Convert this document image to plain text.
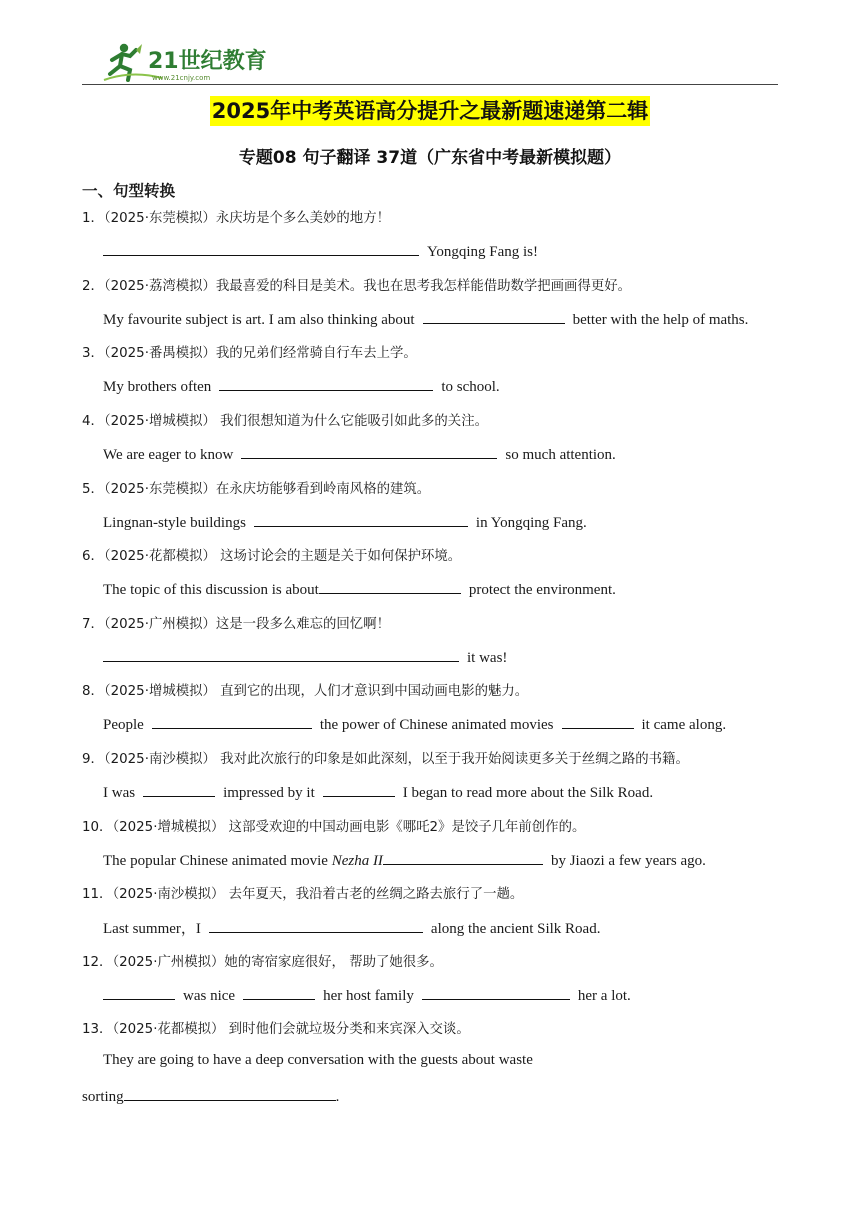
21世纪教育
www.21cnjy.com
2025年中考英语高分提升之最新题速递第二辑
专题08 句子翻译 37道（广东省中考最新模拟题）
一、句型转换
1．（2025·东莞模拟）永庆坊是个多么美妙的地方！
Yongqing Fang is!
2．（2025·荔湾模拟）我最喜爱的科目是美术。我也在思考我怎样能借助数学把画画得更好。
My favourite subject is art. I am also thinking about	better with the help of maths.
3．（2025·番禺模拟）我的兄弟们经常骑自行车去上学。
My brothers often	to school.
4．（2025·增城模拟） 我们很想知道为什么它能吸引如此多的关注。
We are eager to know	so much attention.
5．（2025·东莞模拟）在永庆坊能够看到岭南风格的建筑。
Lingnan-style buildings	in Yongqing Fang.
6．（2025·花都模拟） 这场讨论会的主题是关于如何保护环境。
The topic of this discussion is about	protect the environment.
7．（2025·广州模拟）这是一段多么难忘的回忆啊！
it was!
8．（2025·增城模拟） 直到它的出现，人们才意识到中国动画电影的魅力。
People	the power of Chinese animated movies	it came along.
9．（2025·南沙模拟） 我对此次旅行的印象是如此深刻，以至于我开始阅读更多关于丝绸之路的书籍。
I was	impressed by it	I began to read more about the Silk Road.
10．（2025·增城模拟） 这部受欢迎的中国动画电影《哪吒2》是饺子几年前创作的。
The popular Chinese animated movie Nezha II	by Jiaozi a few years ago.
11．（2025·南沙模拟） 去年夏天，我沿着古老的丝绸之路去旅行了一趟。
Last summer，I	along the ancient Silk Road.
12．（2025·广州模拟）她的寄宿家庭很好， 帮助了她很多。
was nice	her host family	her a lot.
13．（2025·花都模拟） 到时他们会就垃圾分类和来宾深入交谈。
They are going to have a deep conversation with the guests about waste
sorting	.
